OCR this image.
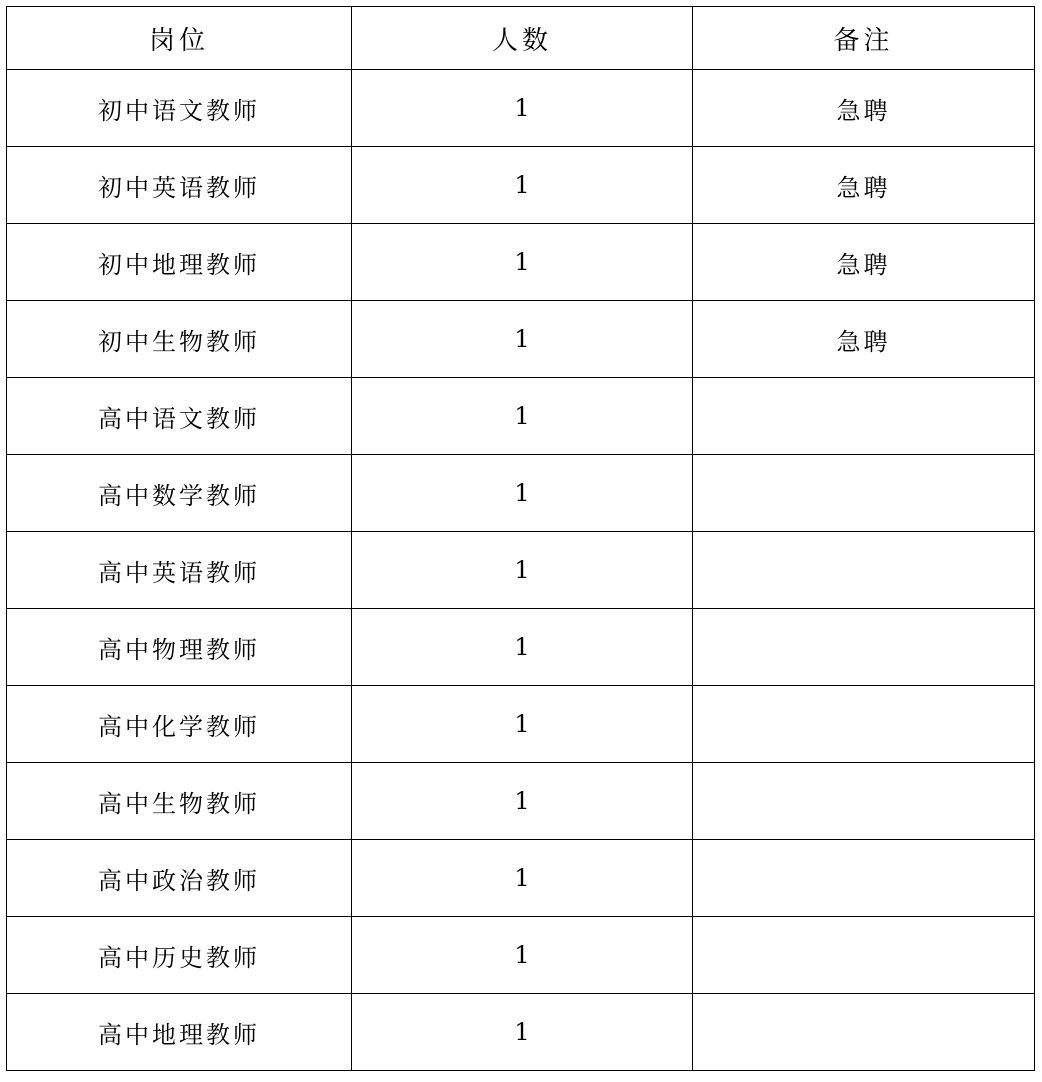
岗位	人数	备注
初中语文教师	1	急聘
初中英语教师	1	急聘
初中地理教师	1	急聘
初中生物教师	1	急聘
高中语文教师	1	
高中数学教师	1	
高中英语教师	1	
高中物理教师	1	
高中化学教师	1	
高中生物教师	1	
高中政治教师	1	
高中历史教师	1	
高中地理教师	1	
